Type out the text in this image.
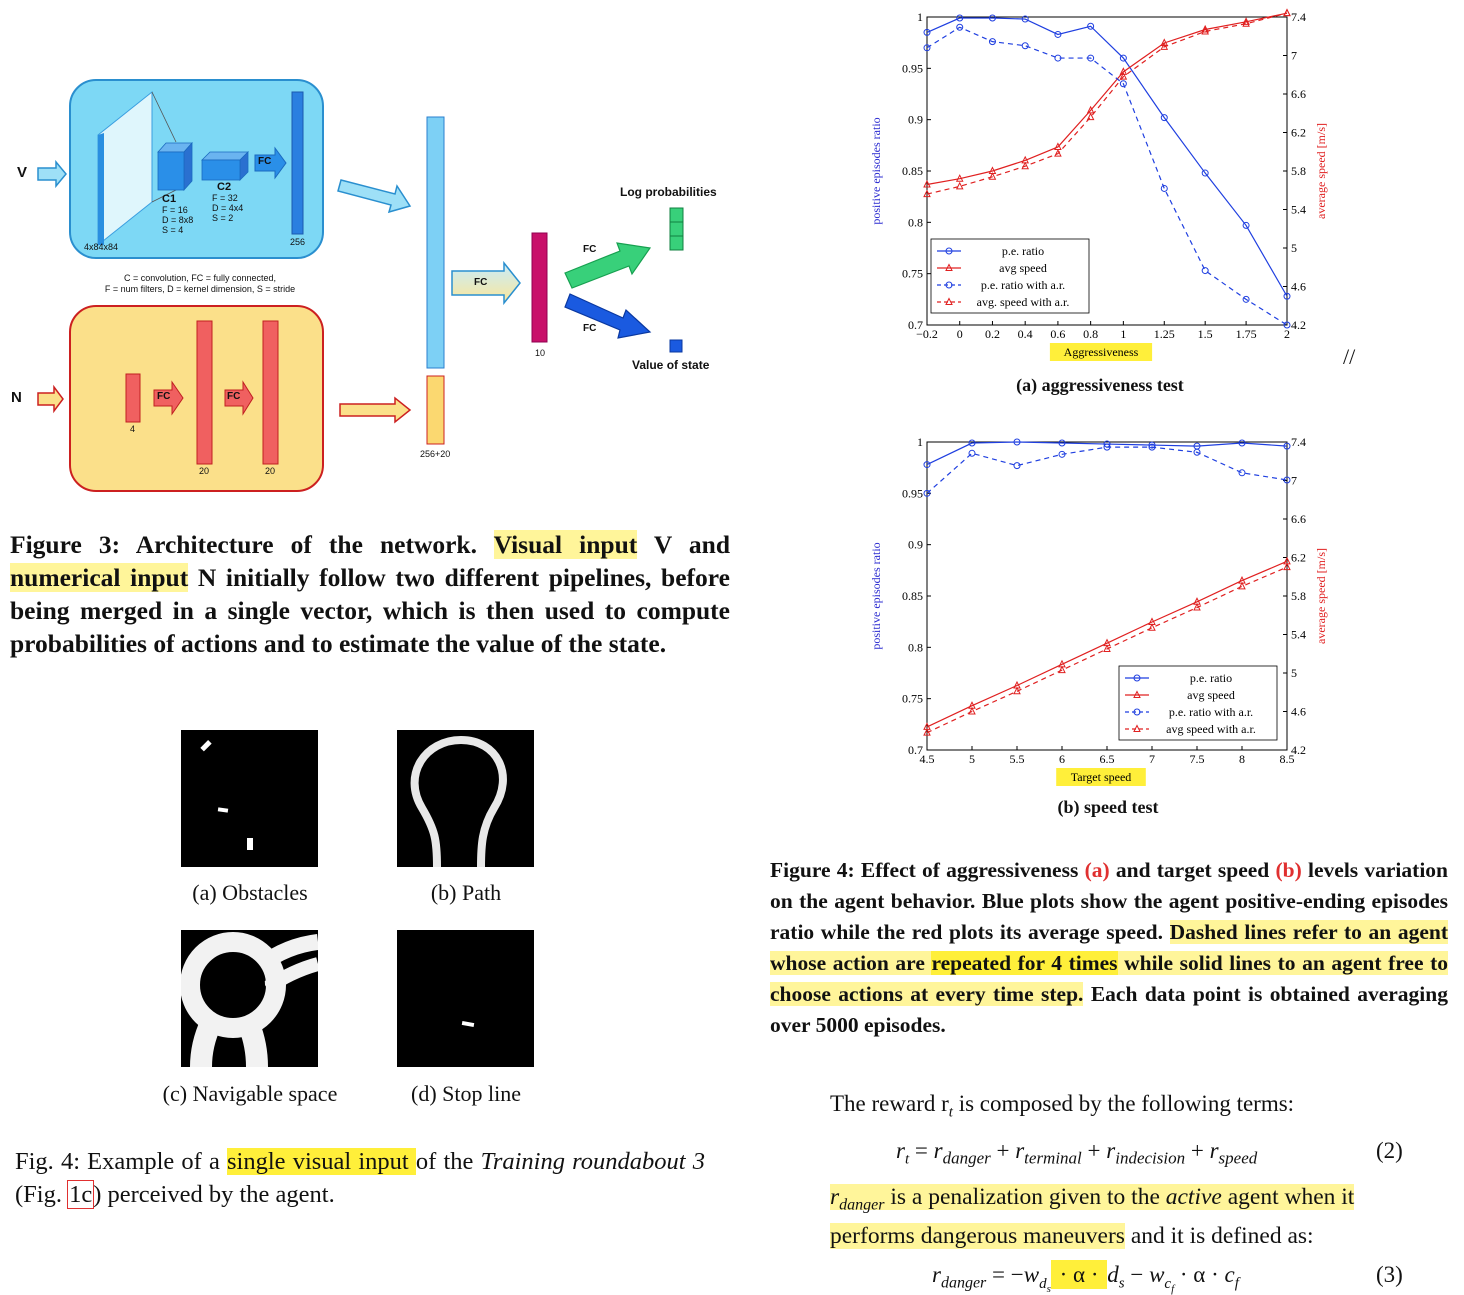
V
N
4x84x84
C1
F = 16
D = 8x8
S = 4
C2
F = 32
D = 4x4
S = 2
FC
256
C = convolution, FC = fully connected,
F = num filters, D = kernel dimension, S = stride
4
FC	FC
20	20
256+20
FC
10
FC
FC
Log probabilities
Value of state
Figure 3: Architecture of the network. Visual input V and numerical input N initially follow two different pipelines, before being merged in a single vector, which is then used to compute probabilities of actions and to estimate the value of the state.
(a) Obstacles	(b) Path
(c) Navigable space	(d) Stop line
Fig. 4: Example of a single visual input of the Training roundabout 3 (Fig. 1c) perceived by the agent.
−0.2 0 0.2 0.4 0.6 0.8 1 1.25 1.5 1.75 2
0.7
0.75
0.8
0.85
0.9
0.95
1
4.2
4.6
5
5.4
5.8
6.2
6.6
7
7.4
positive episodes ratio	average speed [m/s]
Aggressiveness
p.e. ratio
avg speed
p.e. ratio with a.r.
avg. speed with a.r.
4.5	5	5.5	6	6.5	7	7.5	8	8.5
0.7
0.75
0.8
0.85
0.9
0.95
1
4.2
4.6
5
5.4
5.8
6.2
6.6
7
7.4
positive episodes ratio	average speed [m/s]
Target speed
p.e. ratio
avg speed
p.e. ratio with a.r.
avg speed with a.r.
//
(a) aggressiveness test
(b) speed test
Figure 4: Effect of aggressiveness (a) and target speed (b) levels variation on the agent behavior. Blue plots show the agent positive-ending episodes ratio while the red plots its average speed. Dashed lines refer to an agent whose action are repeated for 4 times while solid lines to an agent free to choose actions at every time step. Each data point is obtained averaging over 5000 episodes.
The reward $r_t$ is composed by the following terms:
$r_t = r_{danger} + r_{terminal} + r_{indecision} + r_{speed}$	(2)
$r_{danger}$ is a penalization given to the active agent when it performs dangerous maneuvers and it is defined as:
$r_{danger} = -w_{d_s} \cdot \alpha \cdot d_s - w_{c_f} \cdot \alpha \cdot c_f$	(3)
